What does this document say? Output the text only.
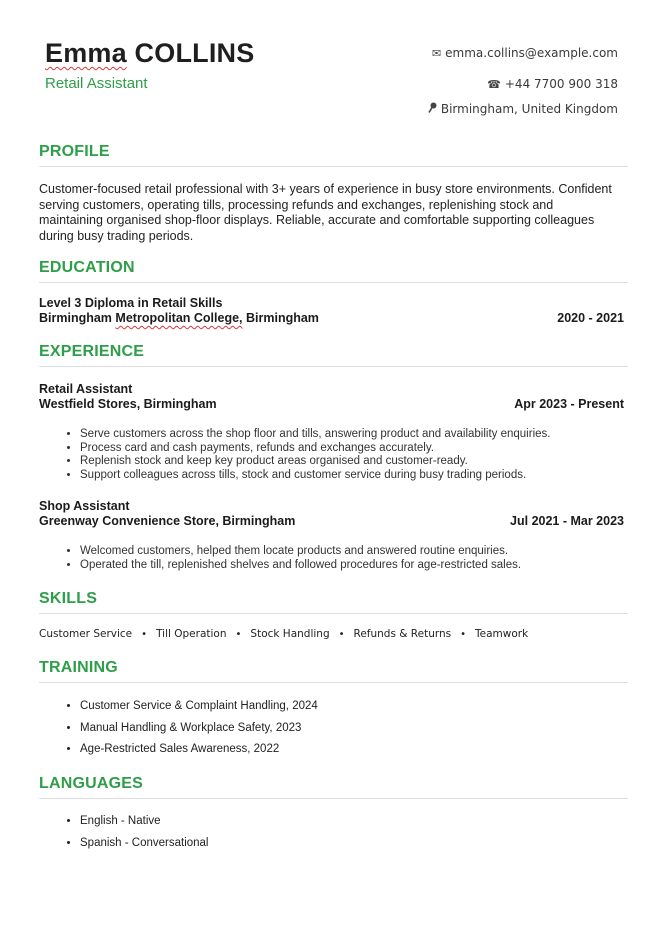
Emma COLLINS
Retail Assistant
✉ emma.collins@example.com
☎ +44 7700 900 318
Birmingham, United Kingdom
PROFILE
Customer-focused retail professional with 3+ years of experience in busy store environments. Confident serving customers, operating tills, processing refunds and exchanges, replenishing stock and maintaining organised shop-floor displays. Reliable, accurate and comfortable supporting colleagues during busy trading periods.
EDUCATION
Level 3 Diploma in Retail Skills
Birmingham Metropolitan College, Birmingham	2020 - 2021
EXPERIENCE
Retail Assistant
Westfield Stores, Birmingham	Apr 2023 - Present
• Serve customers across the shop floor and tills, answering product and availability enquiries.
• Process card and cash payments, refunds and exchanges accurately.
• Replenish stock and keep key product areas organised and customer-ready.
• Support colleagues across tills, stock and customer service during busy trading periods.
Shop Assistant
Greenway Convenience Store, Birmingham	Jul 2021 - Mar 2023
• Welcomed customers, helped them locate products and answered routine enquiries.
• Operated the till, replenished shelves and followed procedures for age-restricted sales.
SKILLS
Customer Service • Till Operation • Stock Handling • Refunds & Returns • Teamwork
TRAINING
• Customer Service & Complaint Handling, 2024
• Manual Handling & Workplace Safety, 2023
• Age-Restricted Sales Awareness, 2022
LANGUAGES
• English - Native
• Spanish - Conversational
